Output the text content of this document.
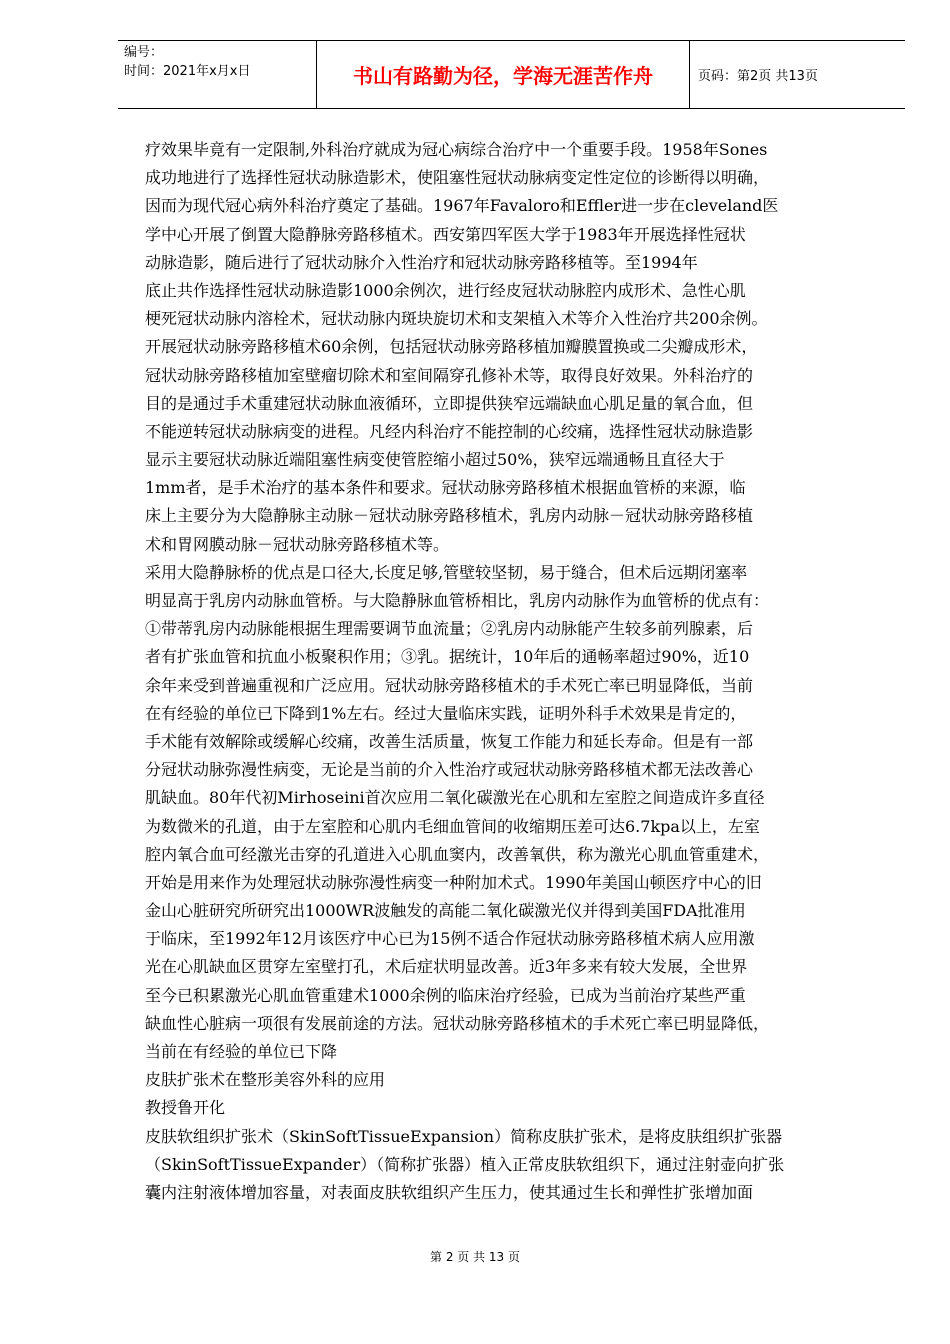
编号：
时间：2021年x月x日	书山有路勤为径，学海无涯苦作舟	页码：第2页 共13页
疗效果毕竟有一定限制,外科治疗就成为冠心病综合治疗中一个重要手段。1958年Sones
成功地进行了选择性冠状动脉造影术，使阻塞性冠状动脉病变定性定位的诊断得以明确，
因而为现代冠心病外科治疗奠定了基础。1967年Favaloro和Effler进一步在cleveland医
学中心开展了倒置大隐静脉旁路移植术。西安第四军医大学于1983年开展选择性冠状
动脉造影，随后进行了冠状动脉介入性治疗和冠状动脉旁路移植等。至1994年
底止共作选择性冠状动脉造影1000余例次，进行经皮冠状动脉腔内成形术、急性心肌
梗死冠状动脉内溶栓术，冠状动脉内斑块旋切术和支架植入术等介入性治疗共200余例。
开展冠状动脉旁路移植术60余例，包括冠状动脉旁路移植加瓣膜置换或二尖瓣成形术，
冠状动脉旁路移植加室壁瘤切除术和室间隔穿孔修补术等，取得良好效果。外科治疗的
目的是通过手术重建冠状动脉血液循环，立即提供狭窄远端缺血心肌足量的氧合血，但
不能逆转冠状动脉病变的进程。凡经内科治疗不能控制的心绞痛，选择性冠状动脉造影
显示主要冠状动脉近端阻塞性病变使管腔缩小超过50%，狭窄远端通畅且直径大于
1mm者，是手术治疗的基本条件和要求。冠状动脉旁路移植术根据血管桥的来源，临
床上主要分为大隐静脉主动脉－冠状动脉旁路移植术，乳房内动脉－冠状动脉旁路移植
术和胃网膜动脉－冠状动脉旁路移植术等。
采用大隐静脉桥的优点是口径大,长度足够,管壁较坚韧，易于缝合，但术后远期闭塞率
明显高于乳房内动脉血管桥。与大隐静脉血管桥相比，乳房内动脉作为血管桥的优点有：
①带蒂乳房内动脉能根据生理需要调节血流量；②乳房内动脉能产生较多前列腺素，后
者有扩张血管和抗血小板聚积作用；③乳。据统计，10年后的通畅率超过90%，近10
余年来受到普遍重视和广泛应用。冠状动脉旁路移植术的手术死亡率已明显降低，当前
在有经验的单位已下降到1%左右。经过大量临床实践，证明外科手术效果是肯定的，
手术能有效解除或缓解心绞痛，改善生活质量，恢复工作能力和延长寿命。但是有一部
分冠状动脉弥漫性病变，无论是当前的介入性治疗或冠状动脉旁路移植术都无法改善心
肌缺血。80年代初Mirhoseini首次应用二氧化碳激光在心肌和左室腔之间造成许多直径
为数微米的孔道，由于左室腔和心肌内毛细血管间的收缩期压差可达6.7kpa以上，左室
腔内氧合血可经激光击穿的孔道进入心肌血窦内，改善氧供，称为激光心肌血管重建术，
开始是用来作为处理冠状动脉弥漫性病变一种附加术式。1990年美国山顿医疗中心的旧
金山心脏研究所研究出1000WR波触发的高能二氧化碳激光仪并得到美国FDA批准用
于临床，至1992年12月该医疗中心已为15例不适合作冠状动脉旁路移植术病人应用激
光在心肌缺血区贯穿左室壁打孔，术后症状明显改善。近3年多来有较大发展，全世界
至今已积累激光心肌血管重建术1000余例的临床治疗经验，已成为当前治疗某些严重
缺血性心脏病一项很有发展前途的方法。冠状动脉旁路移植术的手术死亡率已明显降低，
当前在有经验的单位已下降
皮肤扩张术在整形美容外科的应用
教授鲁开化
皮肤软组织扩张术（SkinSoftTissueExpansion）简称皮肤扩张术，是将皮肤组织扩张器
（SkinSoftTissueExpander）（简称扩张器）植入正常皮肤软组织下，通过注射壶向扩张
囊内注射液体增加容量，对表面皮肤软组织产生压力，使其通过生长和弹性扩张增加面
第 2 页 共 13 页
